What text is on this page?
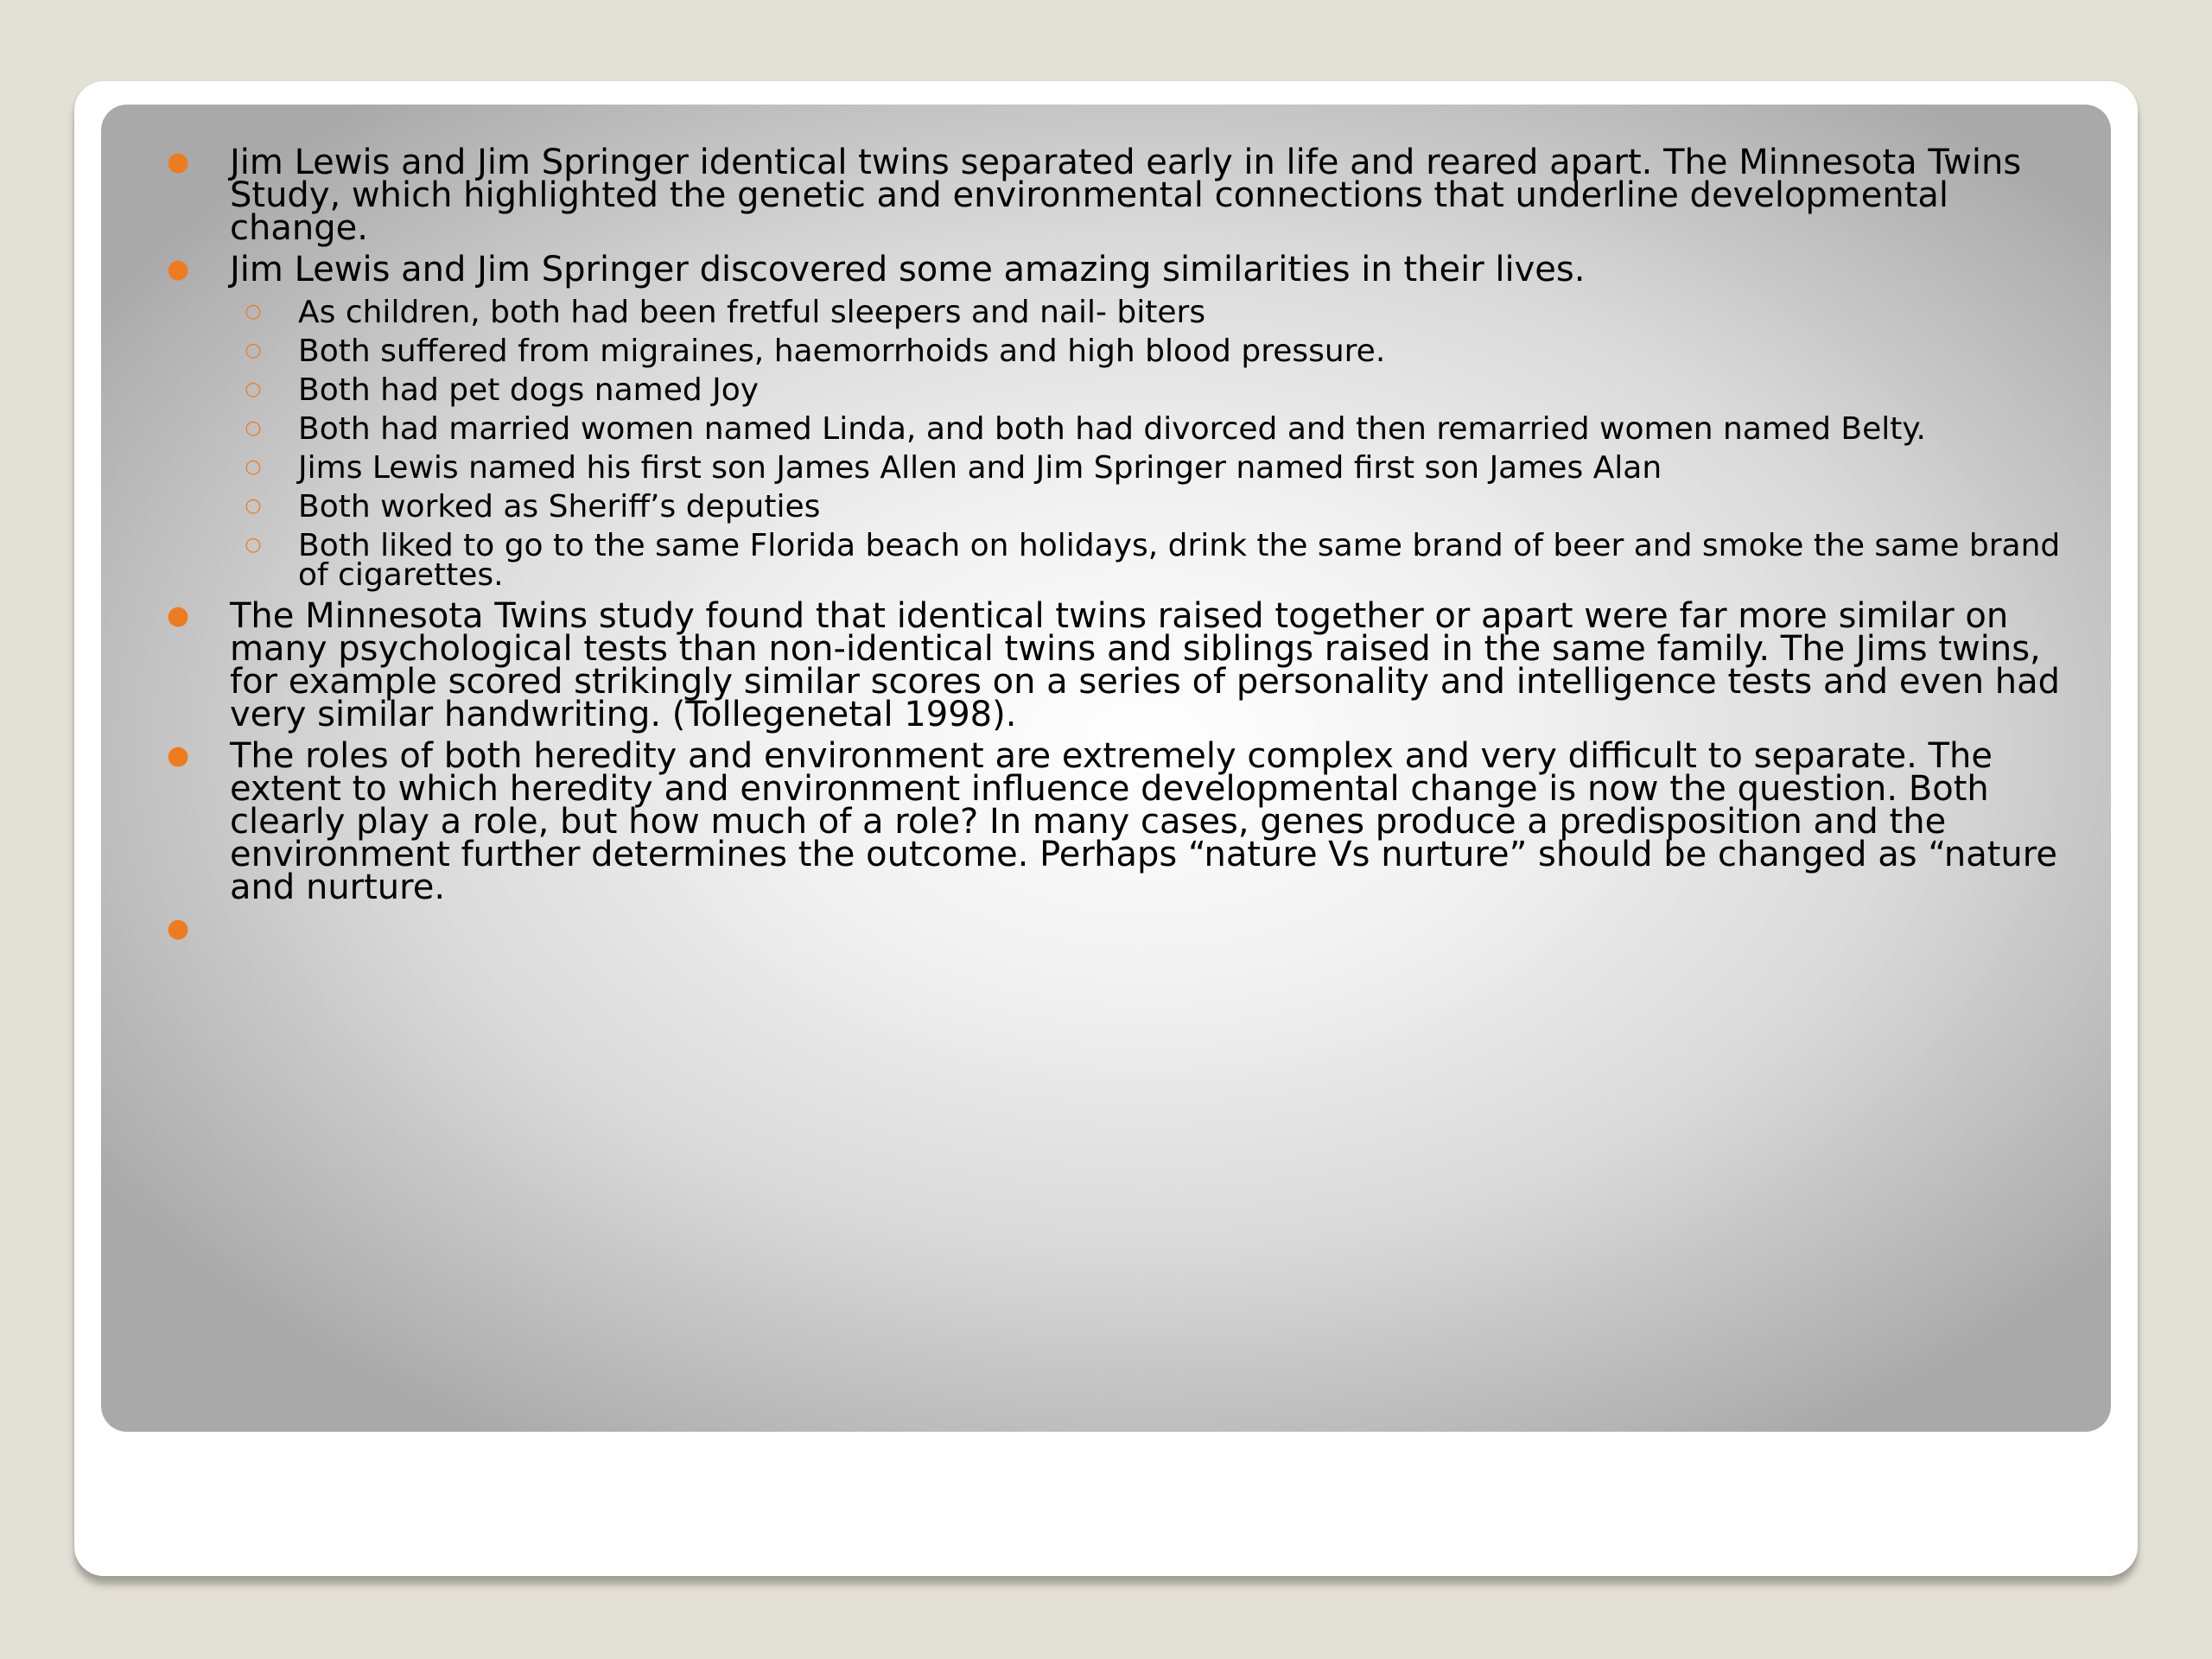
● Jim Lewis and Jim Springer identical twins separated early in life and reared apart. The Minnesota Twins Study, which highlighted the genetic and environmental connections that underline developmental change.
● Jim Lewis and Jim Springer discovered some amazing similarities in their lives.
○ As children, both had been fretful sleepers and nail- biters
○ Both suffered from migraines, haemorrhoids and high blood pressure.
○ Both had pet dogs named Joy
○ Both had married women named Linda, and both had divorced and then remarried women named Belty.
○ Jims Lewis named his first son James Allen and Jim Springer named first son James Alan
○ Both worked as Sheriff’s deputies
○ Both liked to go to the same Florida beach on holidays, drink the same brand of beer and smoke the same brand of cigarettes.
● The Minnesota Twins study found that identical twins raised together or apart were far more similar on many psychological tests than non-identical twins and siblings raised in the same family. The Jims twins, for example scored strikingly similar scores on a series of personality and intelligence tests and even had very similar handwriting. (Tollegenetal 1998).
● The roles of both heredity and environment are extremely complex and very difficult to separate. The extent to which heredity and environment influence developmental change is now the question. Both clearly play a role, but how much of a role? In many cases, genes produce a predisposition and the environment further determines the outcome. Perhaps “nature Vs nurture” should be changed as “nature and nurture.
●
